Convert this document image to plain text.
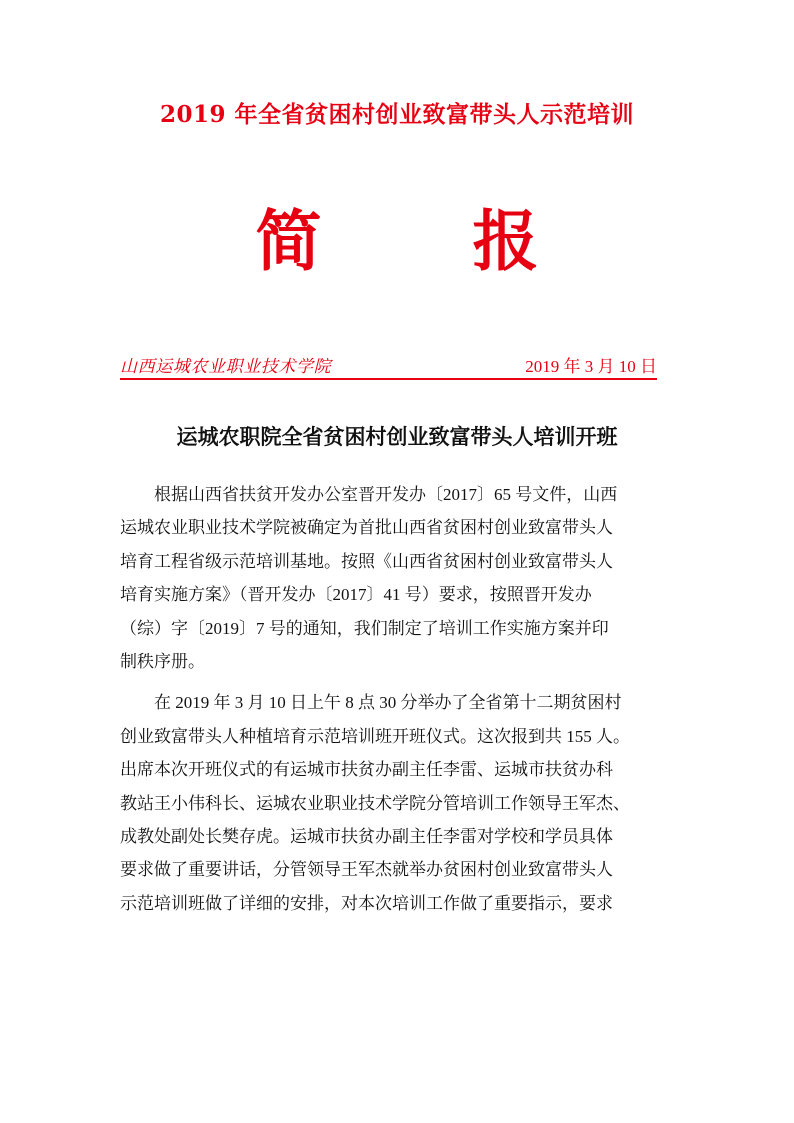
2019 年全省贫困村创业致富带头人示范培训
简 报
山西运城农业职业技术学院	2019 年 3 月 10 日
运城农职院全省贫困村创业致富带头人培训开班
　　根据山西省扶贫开发办公室晋开发办〔2017〕65 号文件，山西
运城农业职业技术学院被确定为首批山西省贫困村创业致富带头人
培育工程省级示范培训基地。按照《山西省贫困村创业致富带头人
培育实施方案》（晋开发办〔2017〕41 号）要求，按照晋开发办
（综）字〔2019〕7 号的通知，我们制定了培训工作实施方案并印
制秩序册。
　　在 2019 年 3 月 10 日上午 8 点 30 分举办了全省第十二期贫困村
创业致富带头人种植培育示范培训班开班仪式。这次报到共 155 人。
出席本次开班仪式的有运城市扶贫办副主任李雷、运城市扶贫办科
教站王小伟科长、运城农业职业技术学院分管培训工作领导王军杰、
成教处副处长樊存虎。运城市扶贫办副主任李雷对学校和学员具体
要求做了重要讲话，分管领导王军杰就举办贫困村创业致富带头人
示范培训班做了详细的安排，对本次培训工作做了重要指示，要求
